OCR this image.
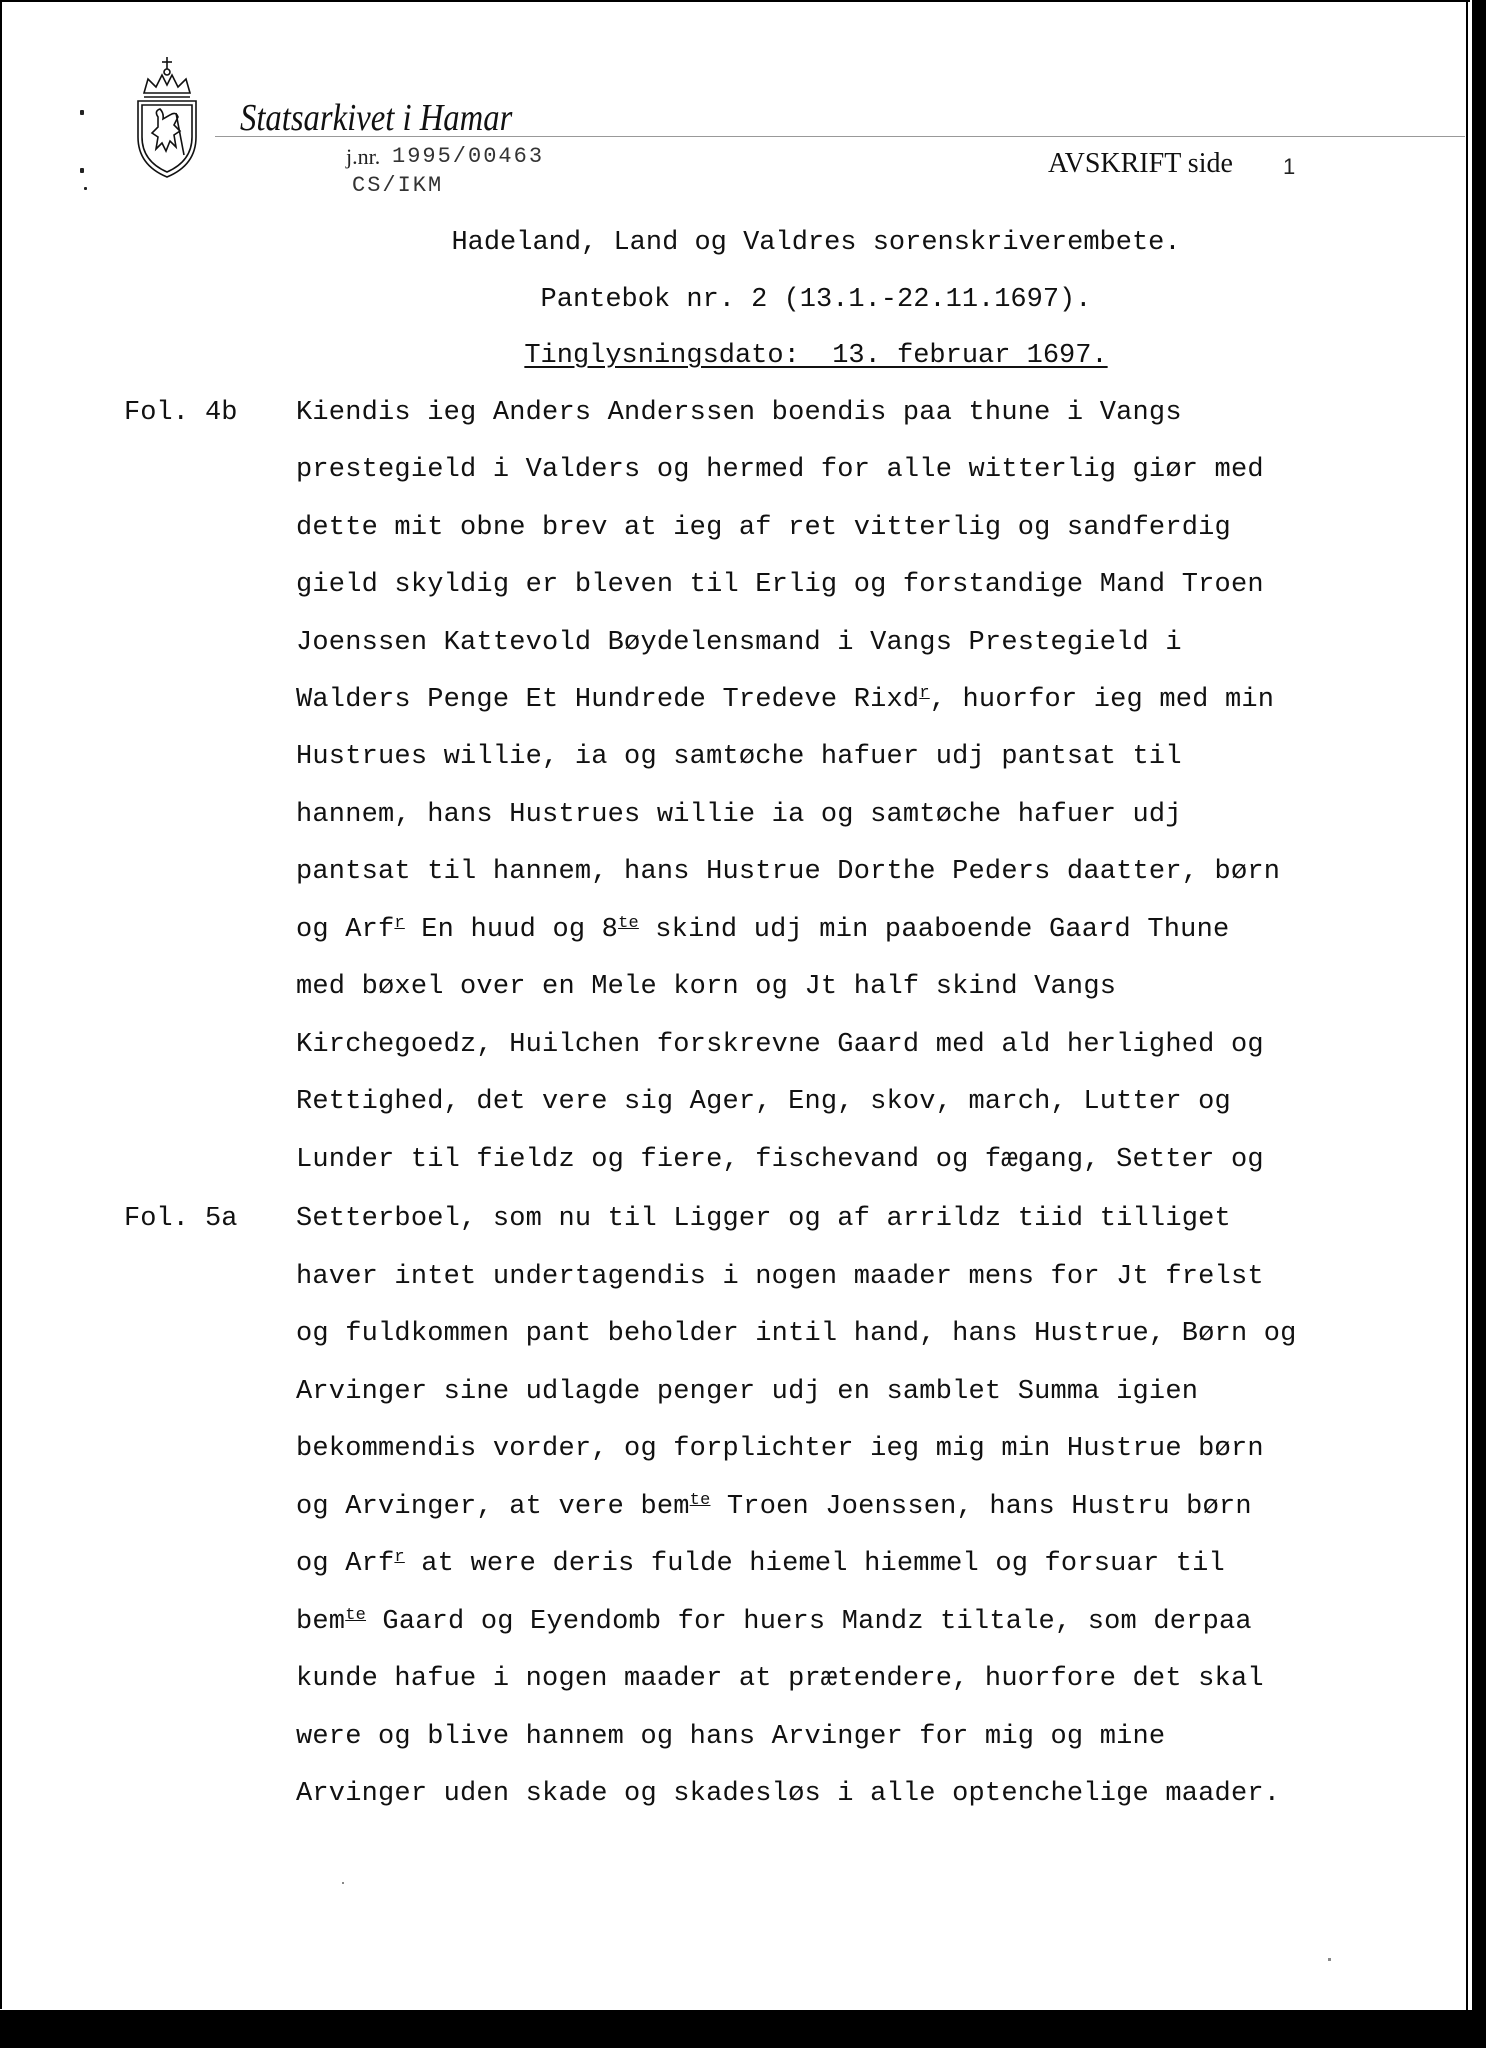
Statsarkivet i Hamar
j.nr. 1995/00463
CS/IKM
AVSKRIFT side 1
Hadeland, Land og Valdres sorenskriverembete.
Pantebok nr. 2 (13.1.-22.11.1697).
Tinglysningsdato:  13. februar 1697.
Fol. 4b
Fol. 5a
Kiendis ieg Anders Anderssen boendis paa thune i Vangs
prestegield i Valders og hermed for alle witterlig giør med
dette mit obne brev at ieg af ret vitterlig og sandferdig
gield skyldig er bleven til Erlig og forstandige Mand Troen
Joenssen Kattevold Bøydelensmand i Vangs Prestegield i
Walders Penge Et Hundrede Tredeve Rixd$^r$, huorfor ieg med min
Hustrues willie, ia og samtøche hafuer udj pantsat til
hannem, hans Hustrues willie ia og samtøche hafuer udj
pantsat til hannem, hans Hustrue Dorthe Peders daatter, børn
og Arf$^r$ En huud og $8^{te}$ skind udj min paaboende Gaard Thune
med bøxel over en Mele korn og Jt half skind Vangs
Kirchegoedz, Huilchen forskrevne Gaard med ald herlighed og
Rettighed, det vere sig Ager, Eng, skov, march, Lutter og
Lunder til fieldz og fiere, fischevand og fægang, Setter og
Setterboel, som nu til Ligger og af arrildz tiid tilliget
haver intet undertagendis i nogen maader mens for Jt frelst
og fuldkommen pant beholder intil hand, hans Hustrue, Børn og
Arvinger sine udlagde penger udj en samblet Summa igien
bekommendis vorder, og forplichter ieg mig min Hustrue børn
og Arvinger, at vere bem$^{te}$ Troen Joenssen, hans Hustru børn
og Arf$^r$ at were deris fulde hiemel hiemmel og forsuar til
bem$^{te}$ Gaard og Eyendomb for huers Mandz tiltale, som derpaa
kunde hafue i nogen maader at prætendere, huorfore det skal
were og blive hannem og hans Arvinger for mig og mine
Arvinger uden skade og skadesløs i alle optenchelige maader.
